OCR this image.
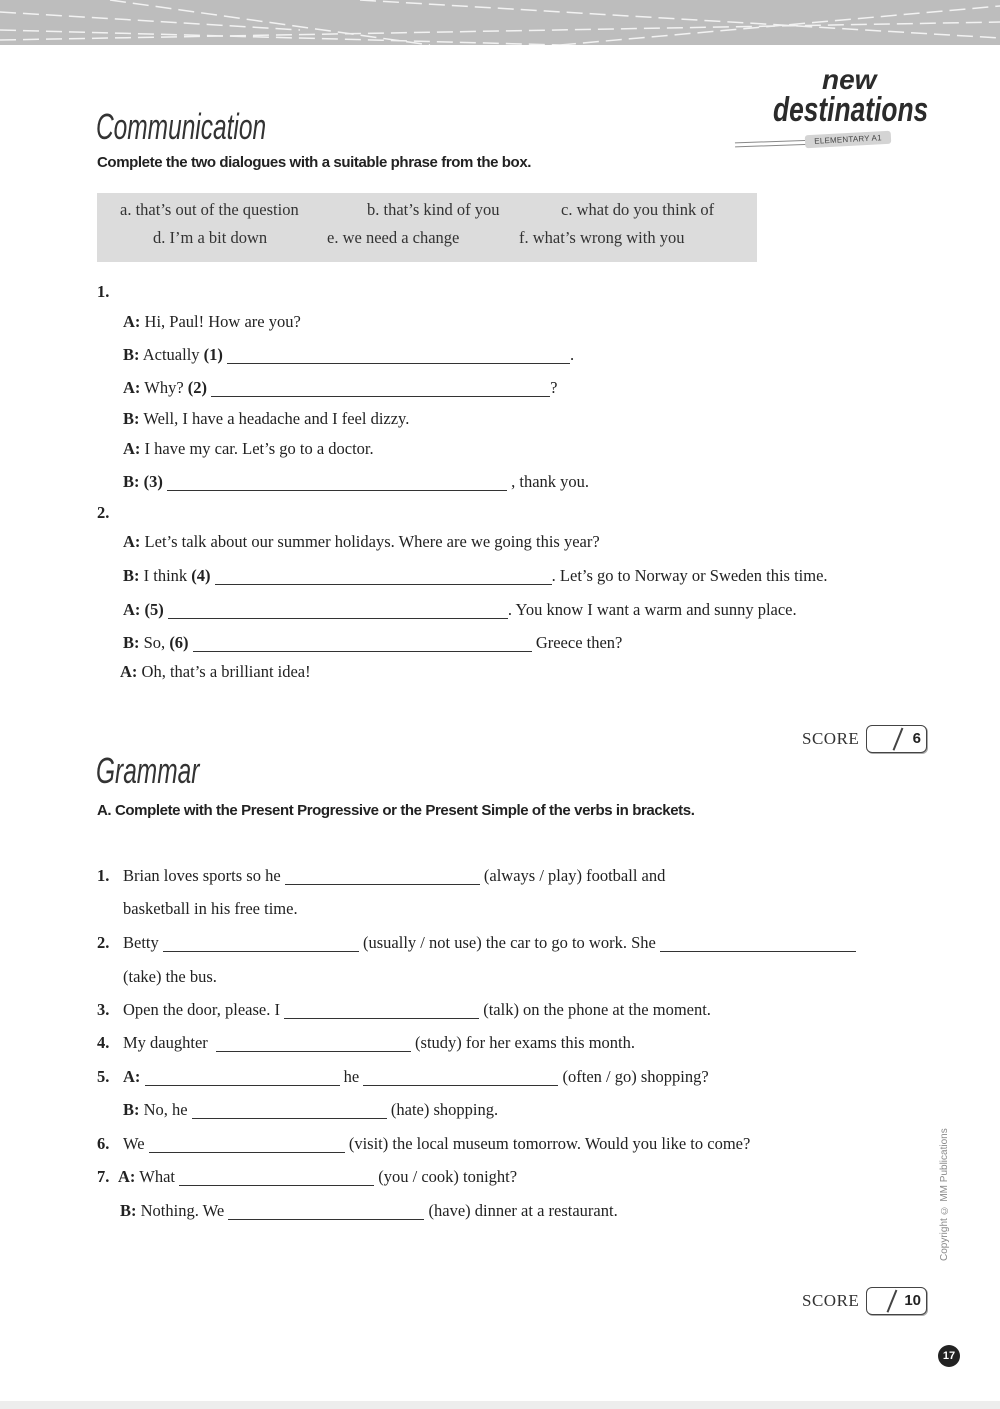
new
destinations
ELEMENTARY A1
Communication
Complete the two dialogues with a suitable phrase from the box.
a. that’s out of the question	b. that’s kind of you	c. what do you think of
d. I’m a bit down	e. we need a change	f. what’s wrong with you
1.
A: Hi, Paul! How are you?
B: Actually (1)	.
A: Why? (2)	?
B: Well, I have a headache and I feel dizzy.
A: I have my car. Let’s go to a doctor.
B: (3)	, thank you.
2.
A: Let’s talk about our summer holidays. Where are we going this year?
B: I think (4)	. Let’s go to Norway or Sweden this time.
A: (5)	. You know I want a warm and sunny place.
B: So, (6)	Greece then?
A: Oh, that’s a brilliant idea!
SCORE	6
Grammar
A. Complete with the Present Progressive or the Present Simple of the verbs in brackets.
1. Brian loves sports so he	(always / play) football and
basketball in his free time.
2. Betty	(usually / not use) the car to go to work. She
(take) the bus.
3. Open the door, please. I	(talk) on the phone at the moment.
4. My daughter	(study) for her exams this month.
5. A:	he	(often / go) shopping?
B: No, he	(hate) shopping.
6. We	(visit) the local museum tomorrow. Would you like to come?
7. A: What	(you / cook) tonight?
B: Nothing. We	(have) dinner at a restaurant.	Copyright © MM Publications
SCORE	10
17
